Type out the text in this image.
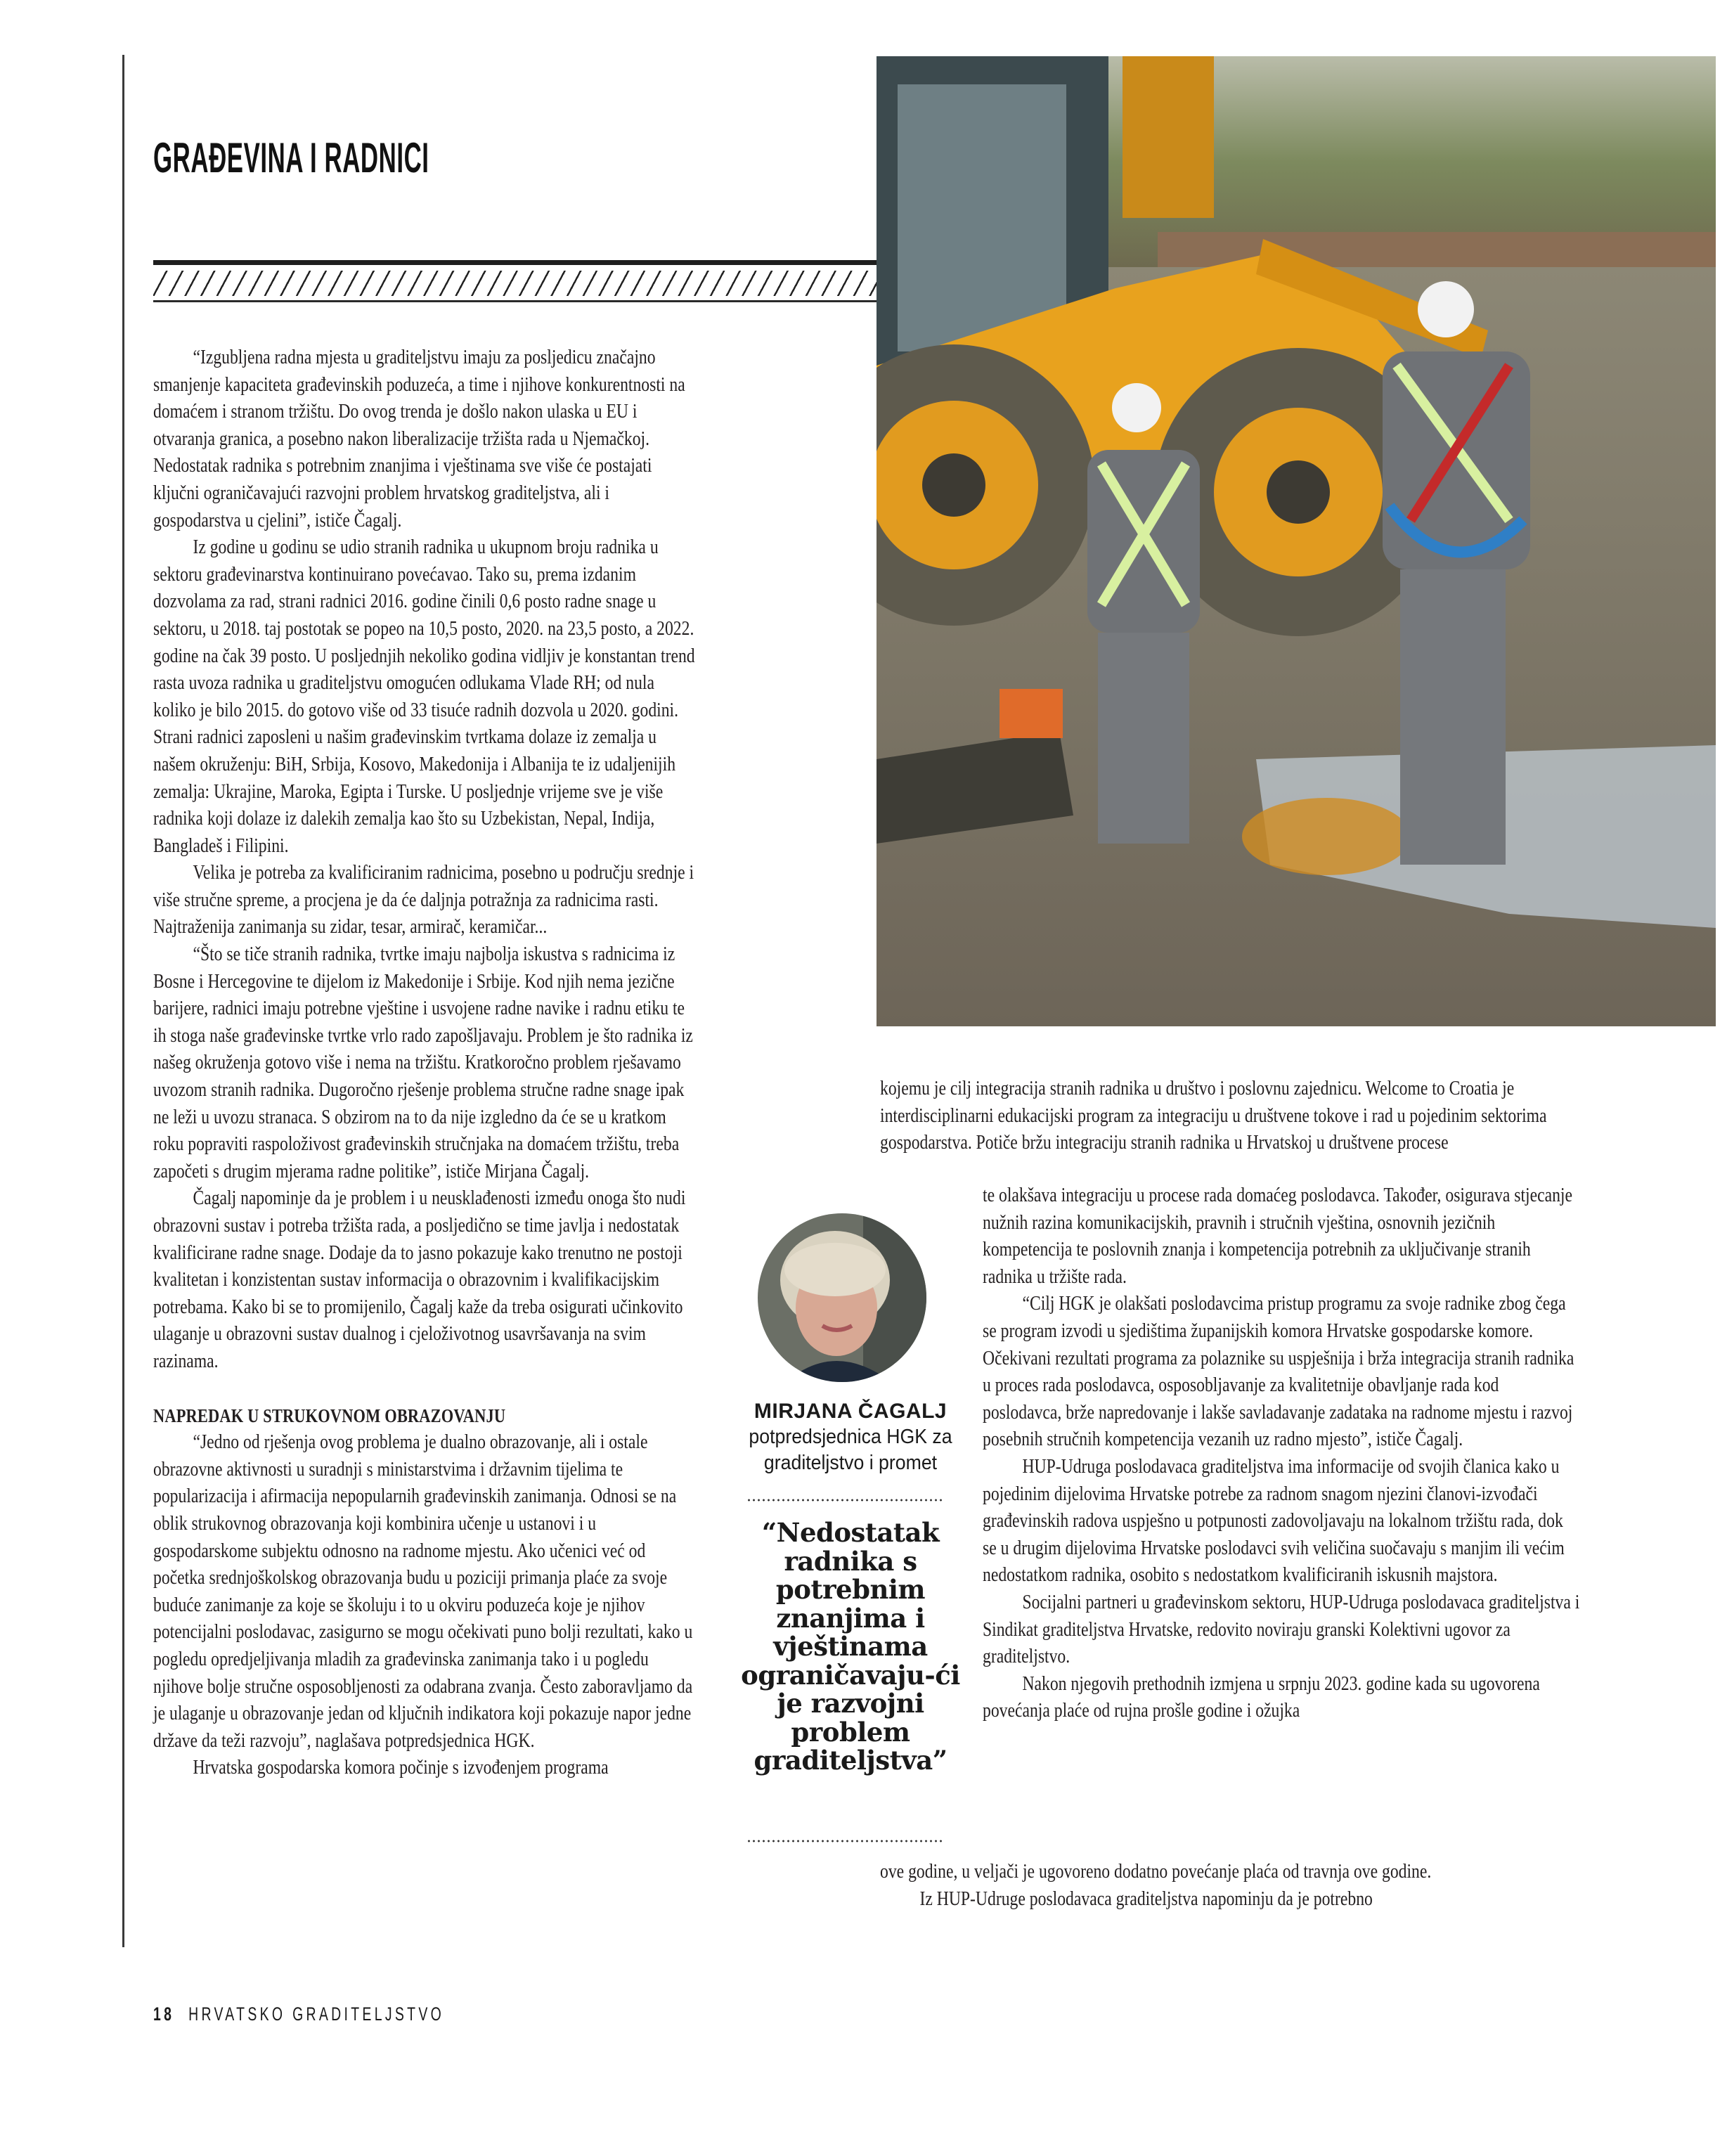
GRAĐEVINA I RADNICI

“Izgubljena radna mjesta u graditeljstvu imaju za posljedicu značajno smanjenje kapaciteta građevinskih poduzeća, a time i njihove konkurentnosti na domaćem i stranom tržištu. Do ovog trenda je došlo nakon ulaska u EU i otvaranja granica, a posebno nakon liberalizacije tržišta rada u Njemačkoj. Nedostatak radnika s potrebnim znanjima i vještinama sve više će postajati ključni ograničavajući razvojni problem hrvatskog graditeljstva, ali i gospodarstva u cjelini”, ističe Čagalj.

Iz godine u godinu se udio stranih radnika u ukupnom broju radnika u sektoru građevinarstva kontinuirano povećavao. Tako su, prema izdanim dozvolama za rad, strani radnici 2016. godine činili 0,6 posto radne snage u sektoru, u 2018. taj postotak se popeo na 10,5 posto, 2020. na 23,5 posto, a 2022. godine na čak 39 posto. U posljednjih nekoliko godina vidljiv je konstantan trend rasta uvoza radnika u graditeljstvu omogućen odlukama Vlade RH; od nula koliko je bilo 2015. do gotovo više od 33 tisuće radnih dozvola u 2020. godini. Strani radnici zaposleni u našim građevinskim tvrtkama dolaze iz zemalja u našem okruženju: BiH, Srbija, Kosovo, Makedonija i Albanija te iz udaljenijih zemalja: Ukrajine, Maroka, Egipta i Turske. U posljednje vrijeme sve je više radnika koji dolaze iz dalekih zemalja kao što su Uzbekistan, Nepal, Indija, Bangladeš i Filipini.

Velika je potreba za kvalificiranim radnicima, posebno u području srednje i više stručne spreme, a procjena je da će daljnja potražnja za radnicima rasti. Najtraženija zanimanja su zidar, tesar, armirač, keramičar...

“Što se tiče stranih radnika, tvrtke imaju najbolja iskustva s radnicima iz Bosne i Hercegovine te dijelom iz Makedonije i Srbije. Kod njih nema jezične barijere, radnici imaju potrebne vještine i usvojene radne navike i radnu etiku te ih stoga naše građevinske tvrtke vrlo rado zapošljavaju. Problem je što radnika iz našeg okruženja gotovo više i nema na tržištu. Kratkoročno problem rješavamo uvozom stranih radnika. Dugoročno rješenje problema stručne radne snage ipak ne leži u uvozu stranaca. S obzirom na to da nije izgledno da će se u kratkom roku popraviti raspoloživost građevinskih stručnjaka na domaćem tržištu, treba započeti s drugim mjerama radne politike”, ističe Mirjana Čagalj.

Čagalj napominje da je problem i u neusklađenosti između onoga što nudi obrazovni sustav i potreba tržišta rada, a posljedično se time javlja i nedostatak kvalificirane radne snage. Dodaje da to jasno pokazuje kako trenutno ne postoji kvalitetan i konzistentan sustav informacija o obrazovnim i kvalifikacijskim potrebama. Kako bi se to promijenilo, Čagalj kaže da treba osigurati učinkovito ulaganje u obrazovni sustav dualnog i cjeloživotnog usavršavanja na svim razinama.

NAPREDAK U STRUKOVNOM OBRAZOVANJU

“Jedno od rješenja ovog problema je dualno obrazovanje, ali i ostale obrazovne aktivnosti u suradnji s ministarstvima i državnim tijelima te popularizacija i afirmacija nepopularnih građevinskih zanimanja. Odnosi se na oblik strukovnog obrazovanja koji kombinira učenje u ustanovi i u gospodarskome subjektu odnosno na radnome mjestu. Ako učenici već od početka srednjoškolskog obrazovanja budu u poziciji primanja plaće za svoje buduće zanimanje za koje se školuju i to u okviru poduzeća koje je njihov potencijalni poslodavac, zasigurno se mogu očekivati puno bolji rezultati, kako u pogledu opredjeljivanja mladih za građevinska zanimanja tako i u pogledu njihove bolje stručne osposobljenosti za odabrana zvanja. Često zaboravljamo da je ulaganje u obrazovanje jedan od ključnih indikatora koji pokazuje napor jedne države da teži razvoju”, naglašava potpredsjednica HGK.

Hrvatska gospodarska komora počinje s izvođenjem programa

MIRJANA ČAGALJ
potpredsjednica HGK za graditeljstvo i promet
“Nedostatak radnika s potrebnim znanjima i vještinama ograničavaju-ći je razvojni problem graditeljstva”

kojemu je cilj integracija stranih radnika u društvo i poslovnu zajednicu. Welcome to Croatia je interdisciplinarni edukacijski program za integraciju u društvene tokove i rad u pojedinim sektorima gospodarstva. Potiče bržu integraciju stranih radnika u Hrvatskoj u društvene procese

te olakšava integraciju u procese rada domaćeg poslodavca. Također, osigurava stjecanje nužnih razina komunikacijskih, pravnih i stručnih vještina, osnovnih jezičnih kompetencija te poslovnih znanja i kompetencija potrebnih za uključivanje stranih radnika u tržište rada.

“Cilj HGK je olakšati poslodavcima pristup programu za svoje radnike zbog čega se program izvodi u sjedištima županijskih komora Hrvatske gospodarske komore. Očekivani rezultati programa za polaznike su uspješnija i brža integracija stranih radnika u proces rada poslodavca, osposobljavanje za kvalitetnije obavljanje rada kod poslodavca, brže napredovanje i lakše savladavanje zadataka na radnome mjestu i razvoj posebnih stručnih kompetencija vezanih uz radno mjesto”, ističe Čagalj.

HUP-Udruga poslodavaca graditeljstva ima informacije od svojih članica kako u pojedinim dijelovima Hrvatske potrebe za radnom snagom njezini članovi-izvođači građevinskih radova uspješno u potpunosti zadovoljavaju na lokalnom tržištu rada, dok se u drugim dijelovima Hrvatske poslodavci svih veličina suočavaju s manjim ili većim nedostatkom radnika, osobito s nedostatkom kvalificiranih iskusnih majstora.

Socijalni partneri u građevinskom sektoru, HUP-Udruga poslodavaca graditeljstva i Sindikat graditeljstva Hrvatske, redovito noviraju granski Kolektivni ugovor za graditeljstvo.

Nakon njegovih prethodnih izmjena u srpnju 2023. godine kada su ugovorena povećanja plaće od rujna prošle godine i ožujka

ove godine, u veljači je ugovoreno dodatno povećanje plaća od travnja ove godine.

Iz HUP-Udruge poslodavaca graditeljstva napominju da je potrebno

18 HRVATSKO GRADITELJSTVO
